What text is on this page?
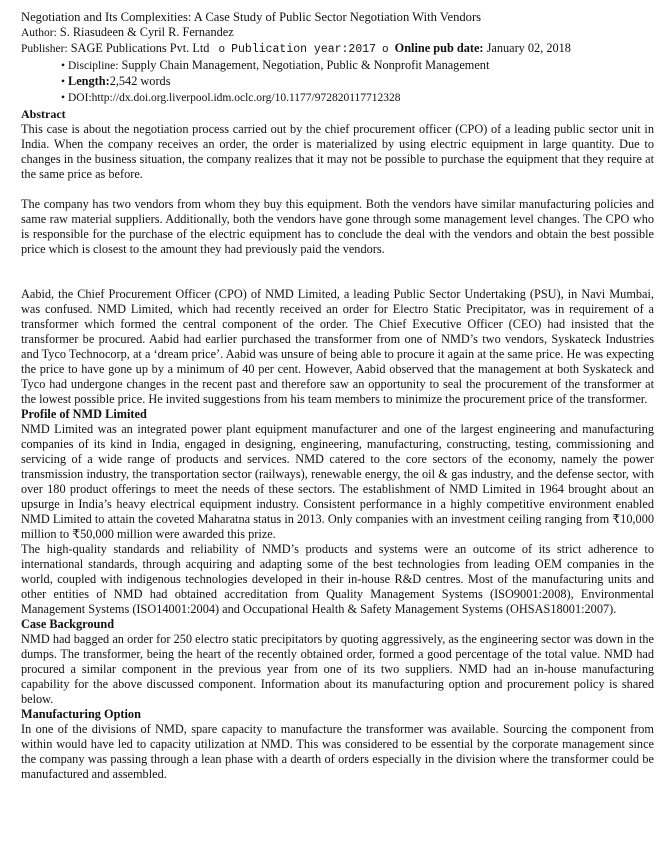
Negotiation and Its Complexities: A Case Study of Public Sector Negotiation With Vendors

Author: S. Riasudeen & Cyril R. Fernandez

Publisher: SAGE Publications Pvt. Ltd o Publication year:2017 o Online pub date: January 02, 2018

• Discipline: Supply Chain Management, Negotiation, Public & Nonprofit Management
• Length:2,542 words
• DOI:http://dx.doi.org.liverpool.idm.oclc.org/10.1177/972820117712328

Abstract

This case is about the negotiation process carried out by the chief procurement officer (CPO) of a leading public sector unit in India. When the company receives an order, the order is materialized by using electric equipment in large quantity. Due to changes in the business situation, the company realizes that it may not be possible to purchase the equipment that they require at the same price as before.

The company has two vendors from whom they buy this equipment. Both the vendors have similar manufacturing policies and same raw material suppliers. Additionally, both the vendors have gone through some management level changes. The CPO who is responsible for the purchase of the electric equipment has to conclude the deal with the vendors and obtain the best possible price which is closest to the amount they had previously paid the vendors.

Aabid, the Chief Procurement Officer (CPO) of NMD Limited, a leading Public Sector Undertaking (PSU), in Navi Mumbai, was confused. NMD Limited, which had recently received an order for Electro Static Precipitator, was in requirement of a transformer which formed the central component of the order. The Chief Executive Officer (CEO) had insisted that the transformer be procured. Aabid had earlier purchased the transformer from one of NMD’s two vendors, Syskateck Industries and Tyco Technocorp, at a ‘dream price’. Aabid was unsure of being able to procure it again at the same price. He was expecting the price to have gone up by a minimum of 40 per cent. However, Aabid observed that the management at both Syskateck and Tyco had undergone changes in the recent past and therefore saw an opportunity to seal the procurement of the transformer at the lowest possible price. He invited suggestions from his team members to minimize the procurement price of the transformer.

Profile of NMD Limited

NMD Limited was an integrated power plant equipment manufacturer and one of the largest engineering and manufacturing companies of its kind in India, engaged in designing, engineering, manufacturing, constructing, testing, commissioning and servicing of a wide range of products and services. NMD catered to the core sectors of the economy, namely the power transmission industry, the transportation sector (railways), renewable energy, the oil & gas industry, and the defense sector, with over 180 product offerings to meet the needs of these sectors. The establishment of NMD Limited in 1964 brought about an upsurge in India’s heavy electrical equipment industry. Consistent performance in a highly competitive environment enabled NMD Limited to attain the coveted Maharatna status in 2013. Only companies with an investment ceiling ranging from ₹10,000 million to ₹50,000 million were awarded this prize.

The high-quality standards and reliability of NMD’s products and systems were an outcome of its strict adherence to international standards, through acquiring and adapting some of the best technologies from leading OEM companies in the world, coupled with indigenous technologies developed in their in-house R&D centres. Most of the manufacturing units and other entities of NMD had obtained accreditation from Quality Management Systems (ISO9001:2008), Environmental Management Systems (ISO14001:2004) and Occupational Health & Safety Management Systems (OHSAS18001:2007).

Case Background

NMD had bagged an order for 250 electro static precipitators by quoting aggressively, as the engineering sector was down in the dumps. The transformer, being the heart of the recently obtained order, formed a good percentage of the total value. NMD had procured a similar component in the previous year from one of its two suppliers. NMD had an in-house manufacturing capability for the above discussed component. Information about its manufacturing option and procurement policy is shared below.

Manufacturing Option

In one of the divisions of NMD, spare capacity to manufacture the transformer was available. Sourcing the component from within would have led to capacity utilization at NMD. This was considered to be essential by the corporate management since the company was passing through a lean phase with a dearth of orders especially in the division where the transformer could be manufactured and assembled.
